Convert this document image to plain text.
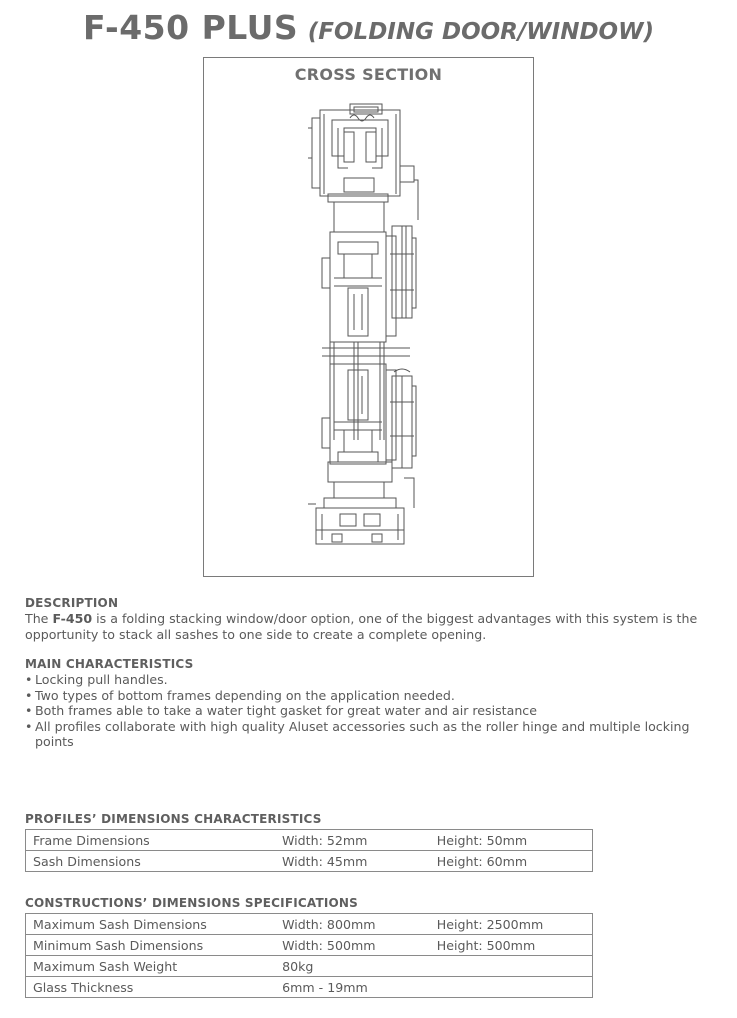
F-450 PLUS (FOLDING DOOR/WINDOW)
CROSS SECTION
DESCRIPTION
The F-450 is a folding stacking window/door option, one of the biggest advantages with this system is the opportunity to stack all sashes to one side to create a complete opening.
MAIN CHARACTERISTICS
• Locking pull handles.
• Two types of bottom frames depending on the application needed.
• Both frames able to take a water tight gasket for great water and air resistance
• All profiles collaborate with high quality Aluset accessories such as the roller hinge and multiple locking points
PROFILES’ DIMENSIONS CHARACTERISTICS
Frame Dimensions	Width: 52mm	Height: 50mm
Sash Dimensions	Width: 45mm	Height: 60mm
CONSTRUCTIONS’ DIMENSIONS SPECIFICATIONS
Maximum Sash Dimensions	Width: 800mm	Height: 2500mm
Minimum Sash Dimensions	Width: 500mm	Height: 500mm
Maximum Sash Weight	80kg	
Glass Thickness	6mm - 19mm	
